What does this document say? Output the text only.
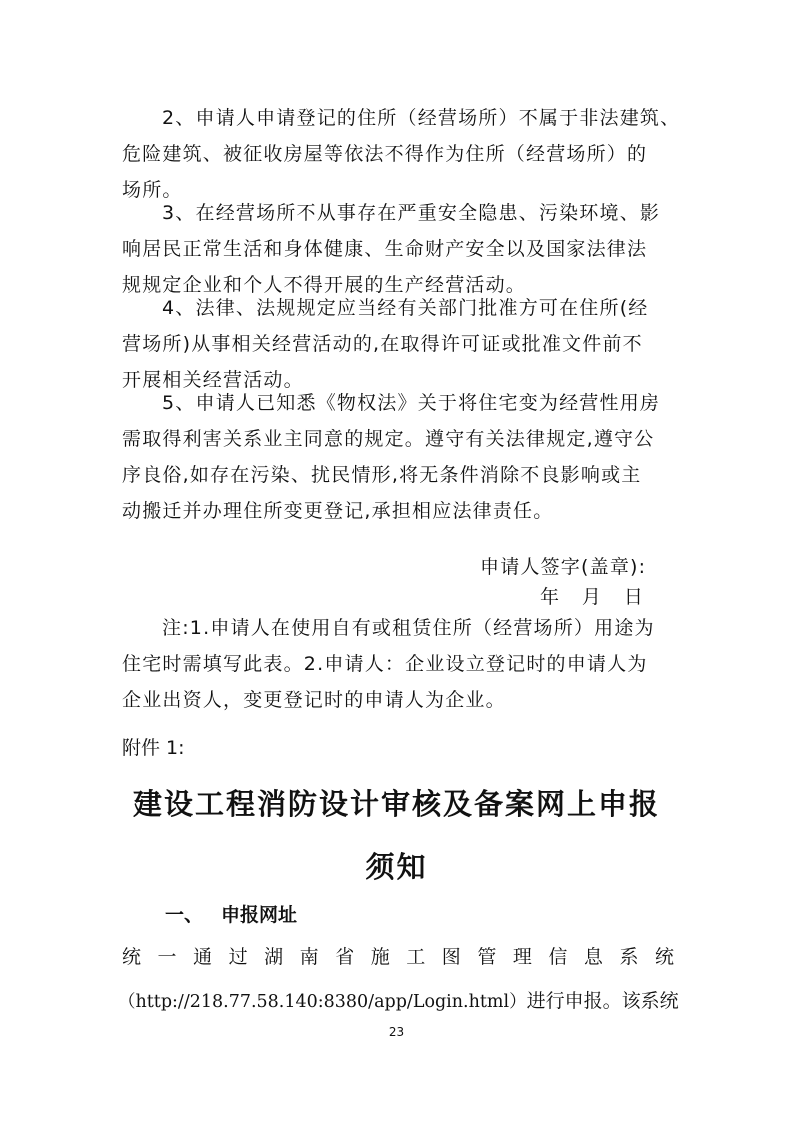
2、申请人申请登记的住所（经营场所）不属于非法建筑、
危险建筑、被征收房屋等依法不得作为住所（经营场所）的
场所。

3、在经营场所不从事存在严重安全隐患、污染环境、影
响居民正常生活和身体健康、生命财产安全以及国家法律法
规规定企业和个人不得开展的生产经营活动。

4、法律、法规规定应当经有关部门批准方可在住所(经
营场所)从事相关经营活动的,在取得许可证或批准文件前不
开展相关经营活动。

5、申请人已知悉《物权法》关于将住宅变为经营性用房
需取得利害关系业主同意的规定。遵守有关法律规定,遵守公
序良俗,如存在污染、扰民情形,将无条件消除不良影响或主
动搬迁并办理住所变更登记,承担相应法律责任。

申请人签字(盖章):
年   月   日

注:1.申请人在使用自有或租赁住所（经营场所）用途为
住宅时需填写此表。2.申请人：企业设立登记时的申请人为
企业出资人，变更登记时的申请人为企业。

附件 1:
建设工程消防设计审核及备案网上申报
须知
一、 申报网址
统 一 通 过 湖 南 省 施 工 图 管 理 信 息 系 统
（http://218.77.58.140:8380/app/Login.html）进行申报。该系统
23
